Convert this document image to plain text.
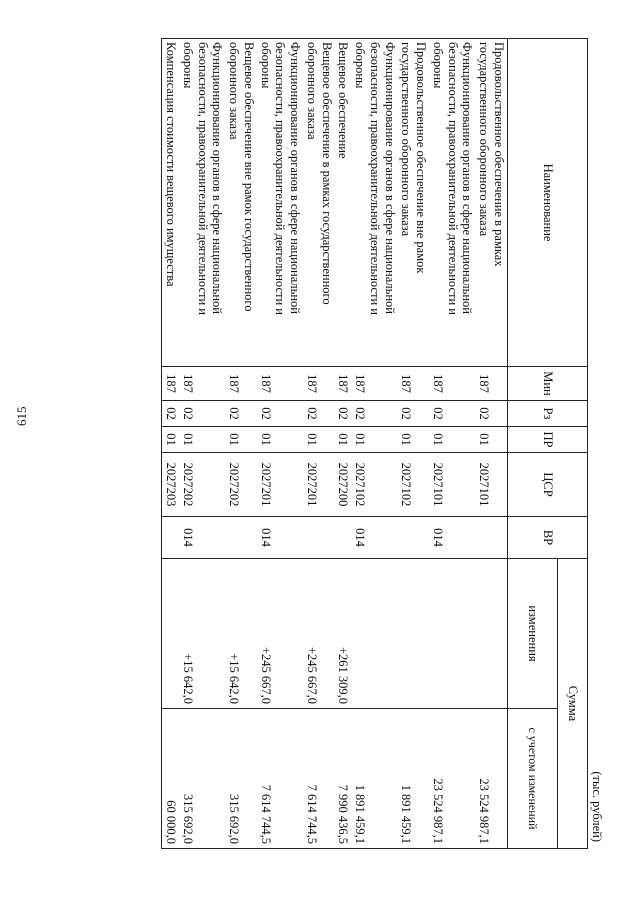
615
(тыс. рублей)
Наименование	Мин	Рз	ПР	ЦСР	ВР	Сумма	
						изменения	с учетом изменений
Продовольственное обеспечение в рамках государственного оборонного заказа	187	02	01	2027101			23 524 987,1
Функционирование органов в сфере национальной безопасности, правоохранительной деятельности и обороны	187	02	01	2027101	014		23 524 987,1
Продовольственное обеспечение вне рамок государственного оборонного заказа	187	02	01	2027102			1 891 459,1
Функционирование органов в сфере национальной безопасности, правоохранительной деятельности и обороны	187	02	01	2027102	014		1 891 459,1
Вещевое обеспечение	187	02	01	2027200		+261 309,0	7 990 436,5
Вещевое обеспечение в рамках государственного оборонного заказа	187	02	01	2027201		+245 667,0	7 614 744,5
Функционирование органов в сфере национальной безопасности, правоохранительной деятельности и обороны	187	02	01	2027201	014	+245 667,0	7 614 744,5
Вещевое обеспечение вне рамок государственного оборонного заказа	187	02	01	2027202		+15 642,0	315 692,0
Функционирование органов в сфере национальной безопасности, правоохранительной деятельности и обороны	187	02	01	2027202	014	+15 642,0	315 692,0
Компенсация стоимости вещевого имущества	187	02	01	2027203			60 000,0
